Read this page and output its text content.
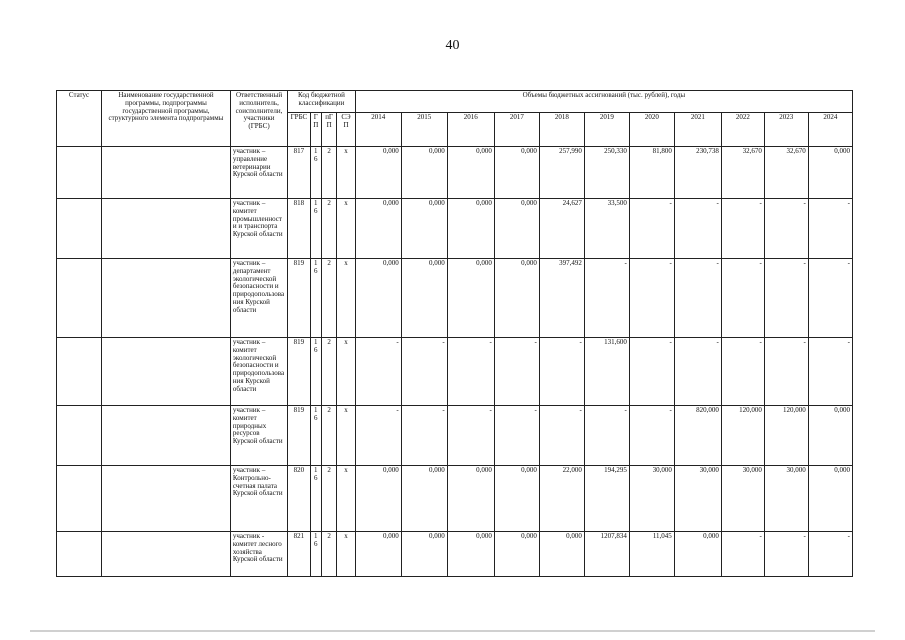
40
Статус	Наименование государственной программы, подпрограммы государственной программы, структурного элемента подпрограммы	Ответственный исполнитель, соисполнители, участники (ГРБС)	Код бюджетной классификации				Объемы бюджетных ассигнований (тыс. рублей), годы										
			ГРБС	ГП	пГП	СЭП	2014	2015	2016	2017	2018	2019	2020	2021	2022	2023	2024
		участник – управление ветеринарии Курской области	817	16	2	х	0,000	0,000	0,000	0,000	257,990	250,330	81,800	230,738	32,670	32,670	0,000
		участник – комитет промышленности и транспорта Курской области	818	16	2	х	0,000	0,000	0,000	0,000	24,627	33,500	-	-	-	-	-
		участник – департамент экологической безопасности и природопользования Курской области	819	16	2	х	0,000	0,000	0,000	0,000	397,492	-	-	-	-	-	-
		участник – комитет экологической безопасности и природопользования Курской области	819	16	2	х	-	-	-	-	-	131,600	-	-	-	-	-
		участник – комитет природных ресурсов Курской области	819	16	2	х	-	-	-	-	-	-	-	820,000	120,000	120,000	0,000
		участник – Контрольно-счетная палата Курской области	820	16	2	х	0,000	0,000	0,000	0,000	22,000	194,295	30,000	30,000	30,000	30,000	0,000
		участник - комитет лесного хозяйства Курской области	821	16	2	х	0,000	0,000	0,000	0,000	0,000	1207,834	11,045	0,000	-	-	-
